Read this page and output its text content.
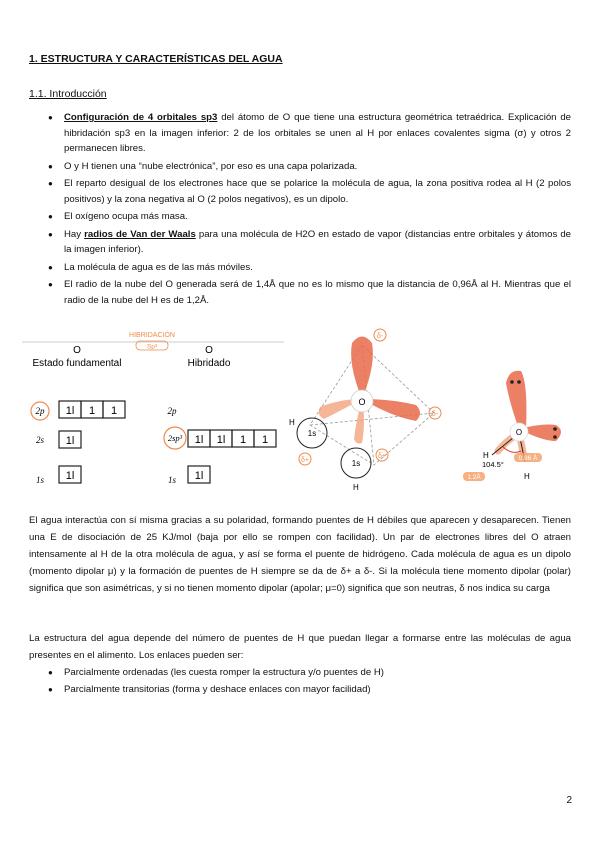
1. ESTRUCTURA Y CARACTERÍSTICAS DEL AGUA
1.1. Introducción
● Configuración de 4 orbitales sp3 del átomo de O que tiene una estructura geométrica tetraédrica. Explicación de hibridación sp3 en la imagen inferior: 2 de los orbitales se unen al H por enlaces covalentes sigma (σ) y otros 2 permanecen libres.
● O y H tienen una “nube electrónica”, por eso es una capa polarizada.
● El reparto desigual de los electrones hace que se polarice la molécula de agua, la zona positiva rodea al H (2 polos positivos) y la zona negativa al O (2 polos negativos), es un dipolo.
● El oxígeno ocupa más masa.
● Hay radios de Van der Waals para una molécula de H2O en estado de vapor (distancias entre orbitales y átomos de la imagen inferior).
● La molécula de agua es de las más móviles.
● El radio de la nube del O generada será de 1,4Å que no es lo mismo que la distancia de 0,96Å al H. Mientras que el radio de la nube del H es de 1,2Å.
HIBRIDACIÓN
Sp³
O
Estado fundamental
O
Hibridado
2p
2s
1s
1l 1 1
1l
1l
2p
2sp³
1s
1l 1l 1 1
1l
O
1s
H
1s
H
δ-
δ-
δ+
δ+
O
H
H
104.5°
0.96 Å
1.2Å

El agua interactúa con sí misma gracias a su polaridad, formando puentes de H débiles que aparecen y desaparecen. Tienen una E de disociación de 25 KJ/mol (baja por ello se rompen con facilidad). Un par de electrones libres del O atraen intensamente al H de la otra molécula de agua, y así se forma el puente de hidrógeno. Cada molécula de agua es un dipolo (momento dipolar μ) y la formación de puentes de H siempre se da de δ+ a δ-. Si la molécula tiene momento dipolar (polar) significa que son asimétricas, y si no tienen momento dipolar (apolar; μ=0) significa que son neutras, δ nos indica su carga

La estructura del agua depende del número de puentes de H que puedan llegar a formarse entre las moléculas de agua presentes en el alimento. Los enlaces pueden ser:

● Parcialmente ordenadas (les cuesta romper la estructura y/o puentes de H)
● Parcialmente transitorias (forma y deshace enlaces con mayor facilidad)
2
